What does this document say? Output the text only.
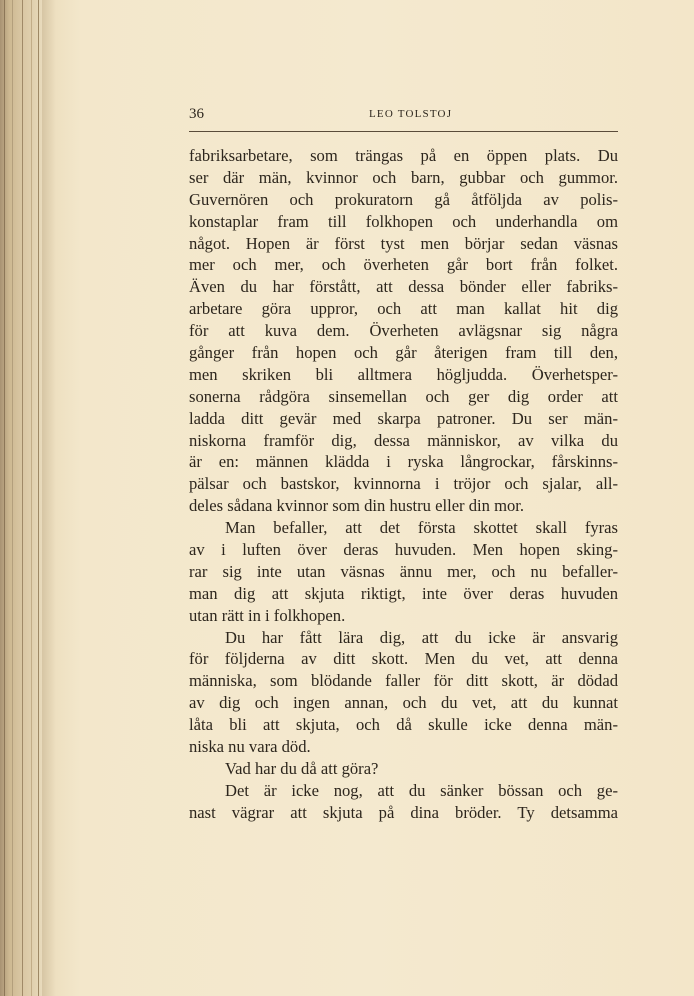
36	LEO TOLSTOJ
fabriksarbetare, som trängas på en öppen plats. Du
ser där män, kvinnor och barn, gubbar och gummor.
Guvernören och prokuratorn gå åtföljda av polis-
konstaplar fram till folkhopen och underhandla om
något. Hopen är först tyst men börjar sedan väsnas
mer och mer, och överheten går bort från folket.
Även du har förstått, att dessa bönder eller fabriks-
arbetare göra uppror, och att man kallat hit dig
för att kuva dem. Överheten avlägsnar sig några
gånger från hopen och går återigen fram till den,
men skriken bli alltmera högljudda. Överhetsper-
sonerna rådgöra sinsemellan och ger dig order att
ladda ditt gevär med skarpa patroner. Du ser män-
niskorna framför dig, dessa människor, av vilka du
är en: männen klädda i ryska långrockar, fårskinns-
pälsar och bastskor, kvinnorna i tröjor och sjalar, all-
deles sådana kvinnor som din hustru eller din mor.
Man befaller, att det första skottet skall fyras
av i luften över deras huvuden. Men hopen sking-
rar sig inte utan väsnas ännu mer, och nu befaller-
man dig att skjuta riktigt, inte över deras huvuden
utan rätt in i folkhopen.
Du har fått lära dig, att du icke är ansvarig
för följderna av ditt skott. Men du vet, att denna
människa, som blödande faller för ditt skott, är dödad
av dig och ingen annan, och du vet, att du kunnat
låta bli att skjuta, och då skulle icke denna män-
niska nu vara död.
Vad har du då att göra?
Det är icke nog, att du sänker bössan och ge-
nast vägrar att skjuta på dina bröder. Ty detsamma
